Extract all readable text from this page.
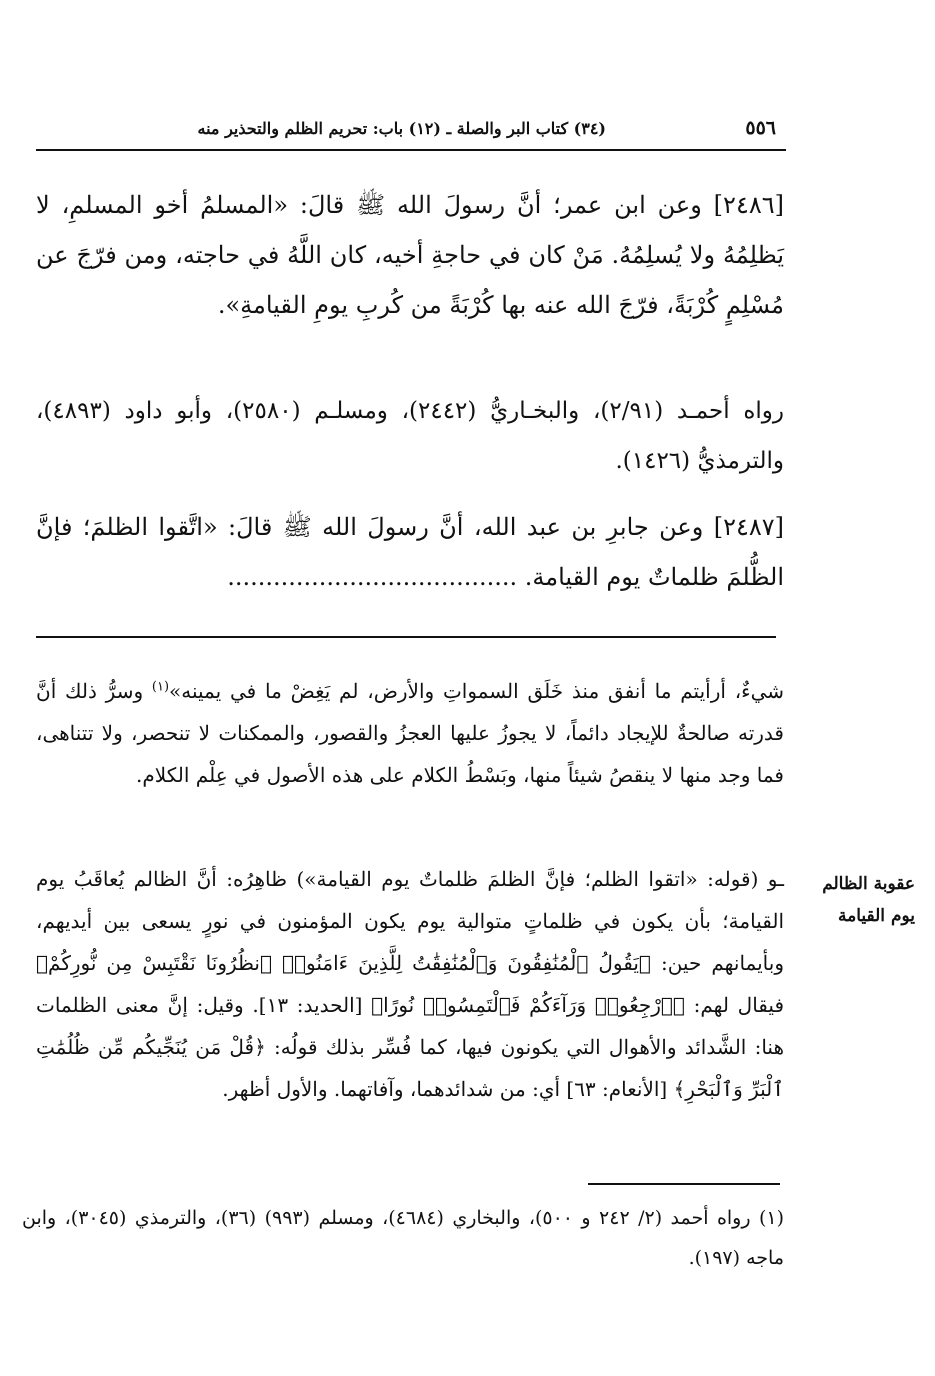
٥٥٦
(٣٤) كتاب البر والصلة ـ (١٢) باب: تحريم الظلم والتحذير منه
[٢٤٨٦] وعن ابن عمر؛ أنَّ رسولَ الله ﷺ قالَ: «المسلمُ أخو المسلمِ، لا يَظلِمُهُ ولا يُسلِمُهُ. مَنْ كان في حاجةِ أخيه، كان اللَّهُ في حاجته، ومن فرّجَ عن مُسْلِمٍ كُرْبَةً، فرّجَ الله عنه بها كُرْبَةً من كُربِ يومِ القيامةِ».
رواه أحمـد (٢/٩١)، والبخـاريُّ (٢٤٤٢)، ومسلـم (٢٥٨٠)، وأبو داود (٤٨٩٣)، والترمذيُّ (١٤٢٦).
[٢٤٨٧] وعن جابرِ بن عبد الله، أنَّ رسولَ الله ﷺ قالَ: «اتَّقوا الظلمَ؛ فإنَّ الظُّلمَ ظلماتٌ يوم القيامة. ......................................
شيءٌ، أرأيتم ما أنفق منذ خَلَق السمواتِ والأرض، لم يَغِضْ ما في يمينه»$^{(١)}$ وسرُّ ذلك أنَّ قدرته صالحةٌ للإيجاد دائماً، لا يجوزُ عليها العجزُ والقصور، والممكنات لا تنحصر، ولا تتناهى، فما وجد منها لا ينقصُ شيئاً منها، وبَسْطُ الكلام على هذه الأصول في عِلْم الكلام.
ـو (قوله: «اتقوا الظلم؛ فإنَّ الظلمَ ظلماتٌ يوم القيامة») ظاهِرُه: أنَّ الظالم يُعاقَبُ يوم القيامة؛ بأن يكون في ظلماتٍ متوالية يوم يكون المؤمنون في نورٍ يسعى بين أيديهم، وبأيمانهم حين: ﴿يَقُولُ ٱلْمُنَٰفِقُونَ وَٱلْمُنَٰفِقَٰتُ لِلَّذِينَ ءَامَنُوا۟ ٱنظُرُونَا نَقْتَبِسْ مِن نُّورِكُمْ﴾ فيقال لهم: ﴿ٱرْجِعُوا۟ وَرَآءَكُمْ فَٱلْتَمِسُوا۟ نُورًا﴾ [الحديد: ١٣]. وقيل: إنَّ معنى الظلمات هنا: الشَّدائد والأهوال التي يكونون فيها، كما فُسِّر بذلك قولُه: ﴿قُلْ مَن يُنَجِّيكُم مِّن ظُلُمَٰتِ ٱلْبَرِّ وَٱلْبَحْرِ﴾ [الأنعام: ٦٣] أي: من شدائدهما، وآفاتهما. والأول أظهر.
عقوبة الظالم
يوم القيامة
(١) رواه أحمد (٢/ ٢٤٢ و ٥٠٠)، والبخاري (٤٦٨٤)، ومسلم (٩٩٣) (٣٦)، والترمذي (٣٠٤٥)، وابن ماجه (١٩٧).
